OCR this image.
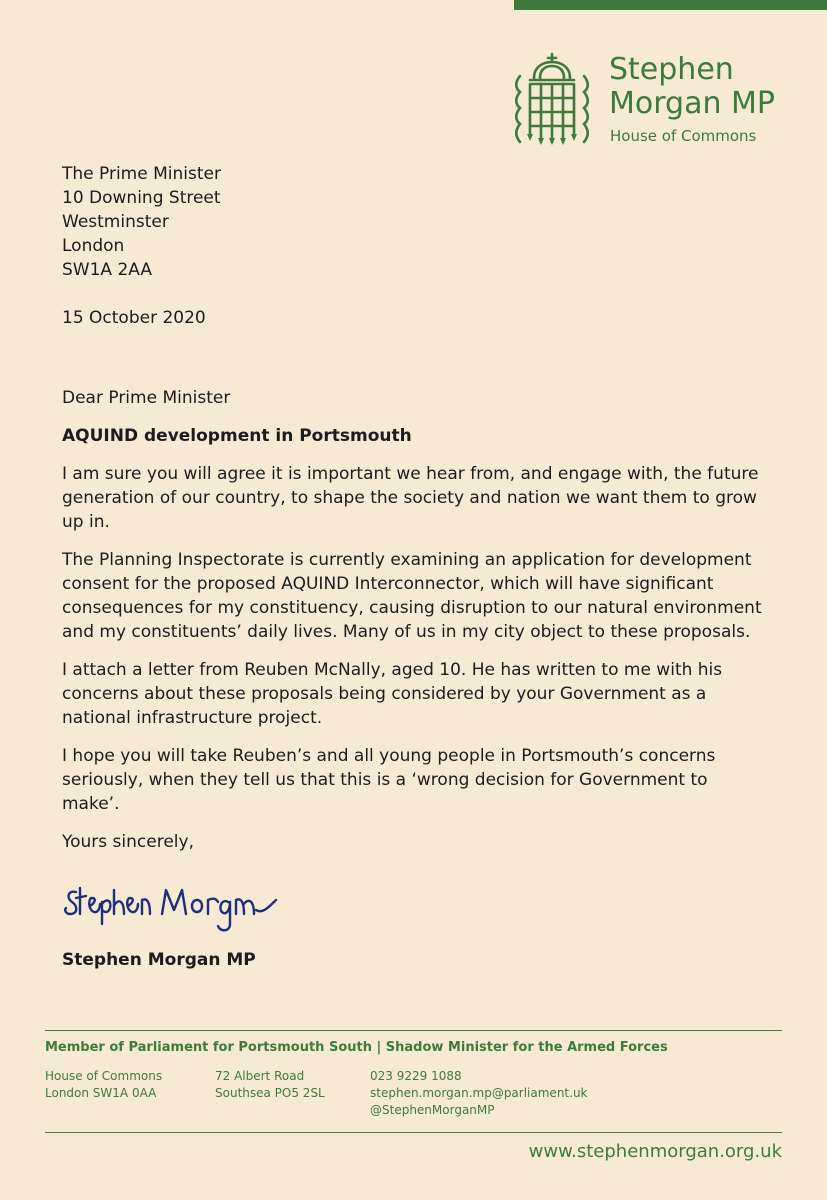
Stephen
Morgan MP
House of Commons
The Prime Minister
10 Downing Street
Westminster
London
SW1A 2AA
15 October 2020
Dear Prime Minister
AQUIND development in Portsmouth

I am sure you will agree it is important we hear from, and engage with, the future generation of our country, to shape the society and nation we want them to grow up in.

The Planning Inspectorate is currently examining an application for development consent for the proposed AQUIND Interconnector, which will have significant consequences for my constituency, causing disruption to our natural environment and my constituents’ daily lives. Many of us in my city object to these proposals.

I attach a letter from Reuben McNally, aged 10. He has written to me with his concerns about these proposals being considered by your Government as a national infrastructure project.

I hope you will take Reuben’s and all young people in Portsmouth’s concerns seriously, when they tell us that this is a ‘wrong decision for Government to make’.

Yours sincerely,
Stephen Morgan MP
Member of Parliament for Portsmouth South | Shadow Minister for the Armed Forces
House of Commons
London SW1A 0AA
72 Albert Road
Southsea PO5 2SL
023 9229 1088
stephen.morgan.mp@parliament.uk
@StephenMorganMP
www.stephenmorgan.org.uk
